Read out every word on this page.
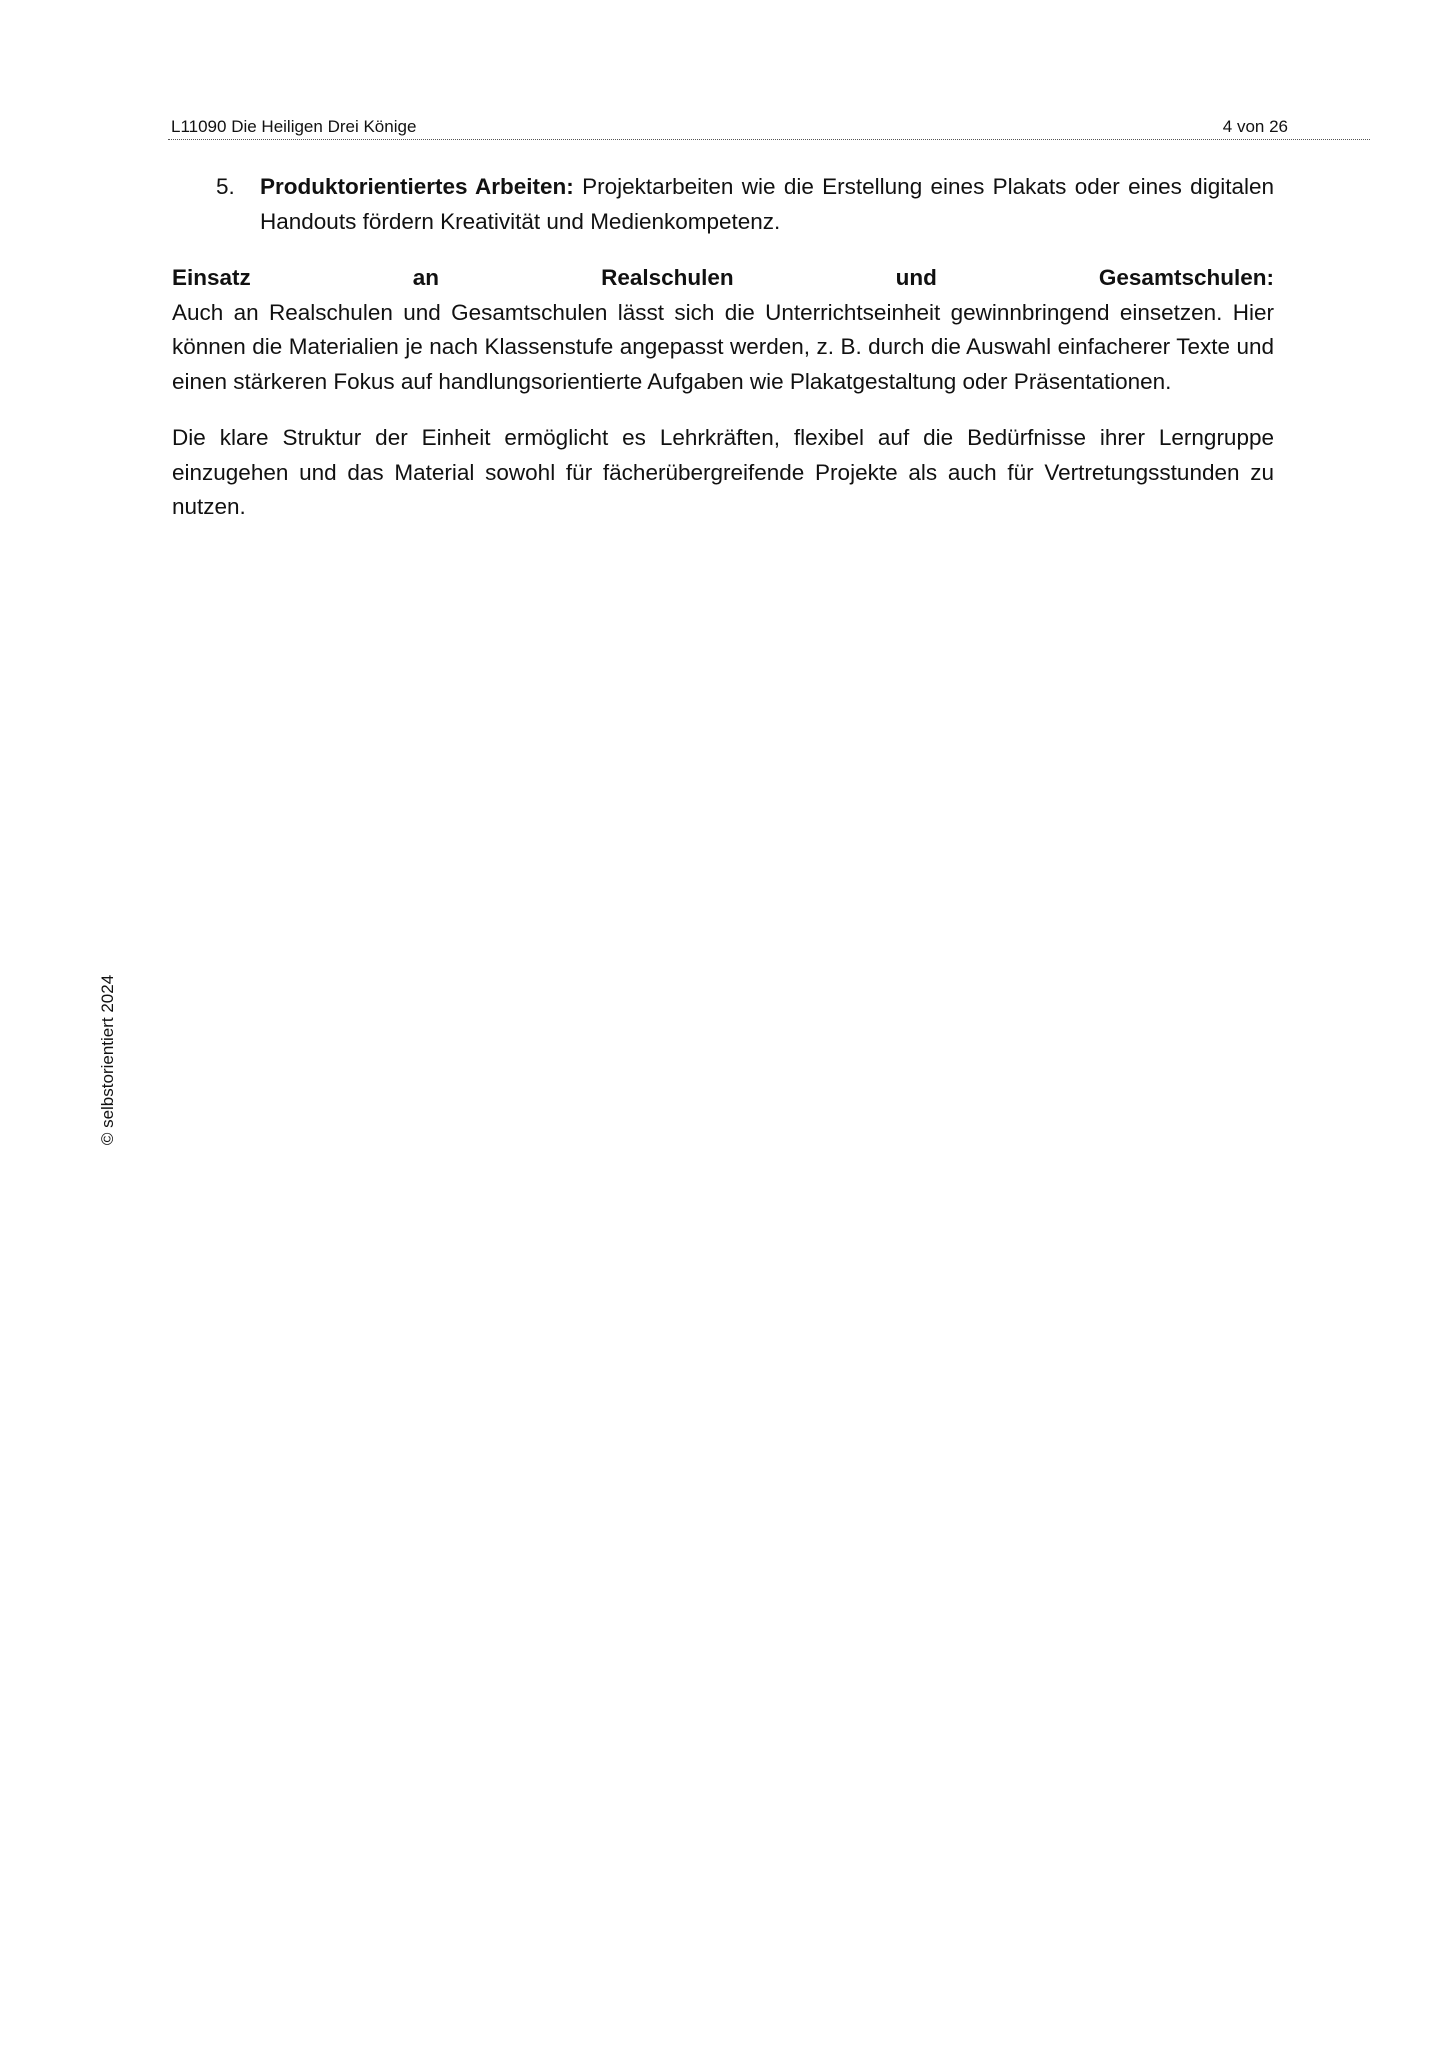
L11090 Die Heiligen Drei Könige	4 von 26
5. Produktorientiertes Arbeiten: Projektarbeiten wie die Erstellung eines Plakats oder eines digitalen Handouts fördern Kreativität und Medienkompetenz.
Einsatz	an	Realschulen	und	Gesamtschulen:
Auch an Realschulen und Gesamtschulen lässt sich die Unterrichtseinheit gewinnbringend einsetzen. Hier können die Materialien je nach Klassenstufe angepasst werden, z. B. durch die Auswahl einfacherer Texte und einen stärkeren Fokus auf handlungsorientierte Aufgaben wie Plakatgestaltung oder Präsentationen.
Die klare Struktur der Einheit ermöglicht es Lehrkräften, flexibel auf die Bedürfnisse ihrer Lerngruppe einzugehen und das Material sowohl für fächerübergreifende Projekte als auch für Vertretungsstunden zu nutzen.
© selbstorientiert 2024
